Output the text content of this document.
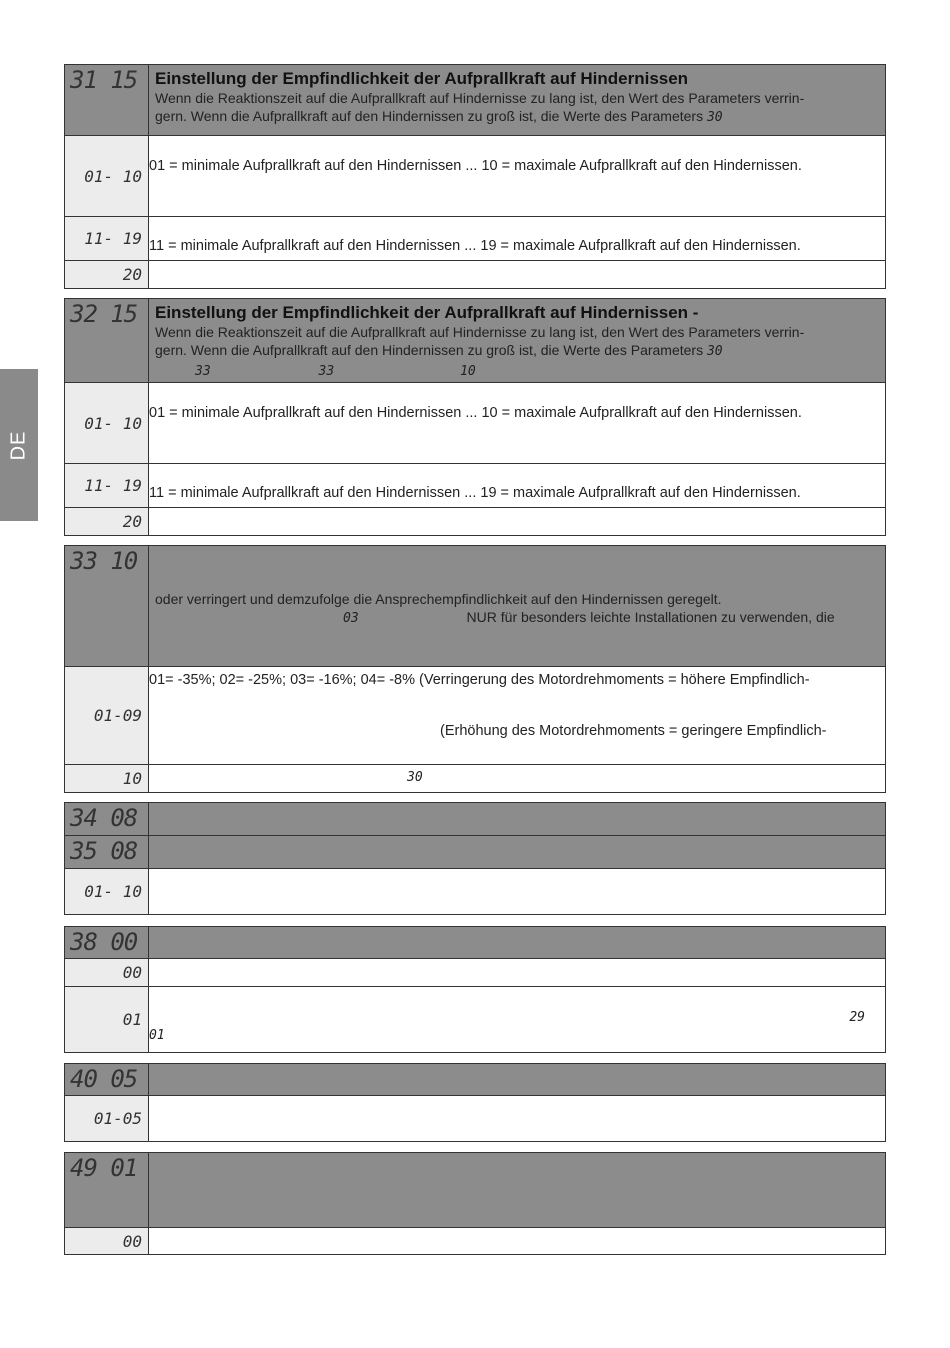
DE
31 15	Einstellung der Empfindlichkeit der Aufprallkraft auf Hindernissen
Wenn die Reaktionszeit auf die Aufprallkraft auf Hindernisse zu lang ist, den Wert des Parameters verrin-
gern. Wenn die Aufprallkraft auf den Hindernissen zu groß ist, die Werte des Parameters 30

01- 10	01 = minimale Aufprallkraft auf den Hindernissen ... 10 = maximale Aufprallkraft auf den Hindernissen.

11- 19	11 = minimale Aufprallkraft auf den Hindernissen ... 19 = maximale Aufprallkraft auf den Hindernissen.

20	

32 15	Einstellung der Empfindlichkeit der Aufprallkraft auf Hindernissen -
Wenn die Reaktionszeit auf die Aufprallkraft auf Hindernisse zu lang ist, den Wert des Parameters verrin-
gern. Wenn die Aufprallkraft auf den Hindernissen zu groß ist, die Werte des Parameters 30
33 33 10

01- 10	01 = minimale Aufprallkraft auf den Hindernissen ... 10 = maximale Aufprallkraft auf den Hindernissen.

11- 19	11 = minimale Aufprallkraft auf den Hindernissen ... 19 = maximale Aufprallkraft auf den Hindernissen.

20	

33 10	oder verringert und demzufolge die Ansprechempfindlichkeit auf den Hindernissen geregelt.
03 NUR für besonders leichte Installationen zu verwenden, die

01-09	01= -35%; 02= -25%; 03= -16%; 04= -8% (Verringerung des Motordrehmoments = höhere Empfindlich-
(Erhöhung des Motordrehmoments = geringere Empfindlich-

10	30
34 08	

35 08	

01- 10	

38 00	

00	

01	29
01
40 05	

01-05	

49 01	

00	
